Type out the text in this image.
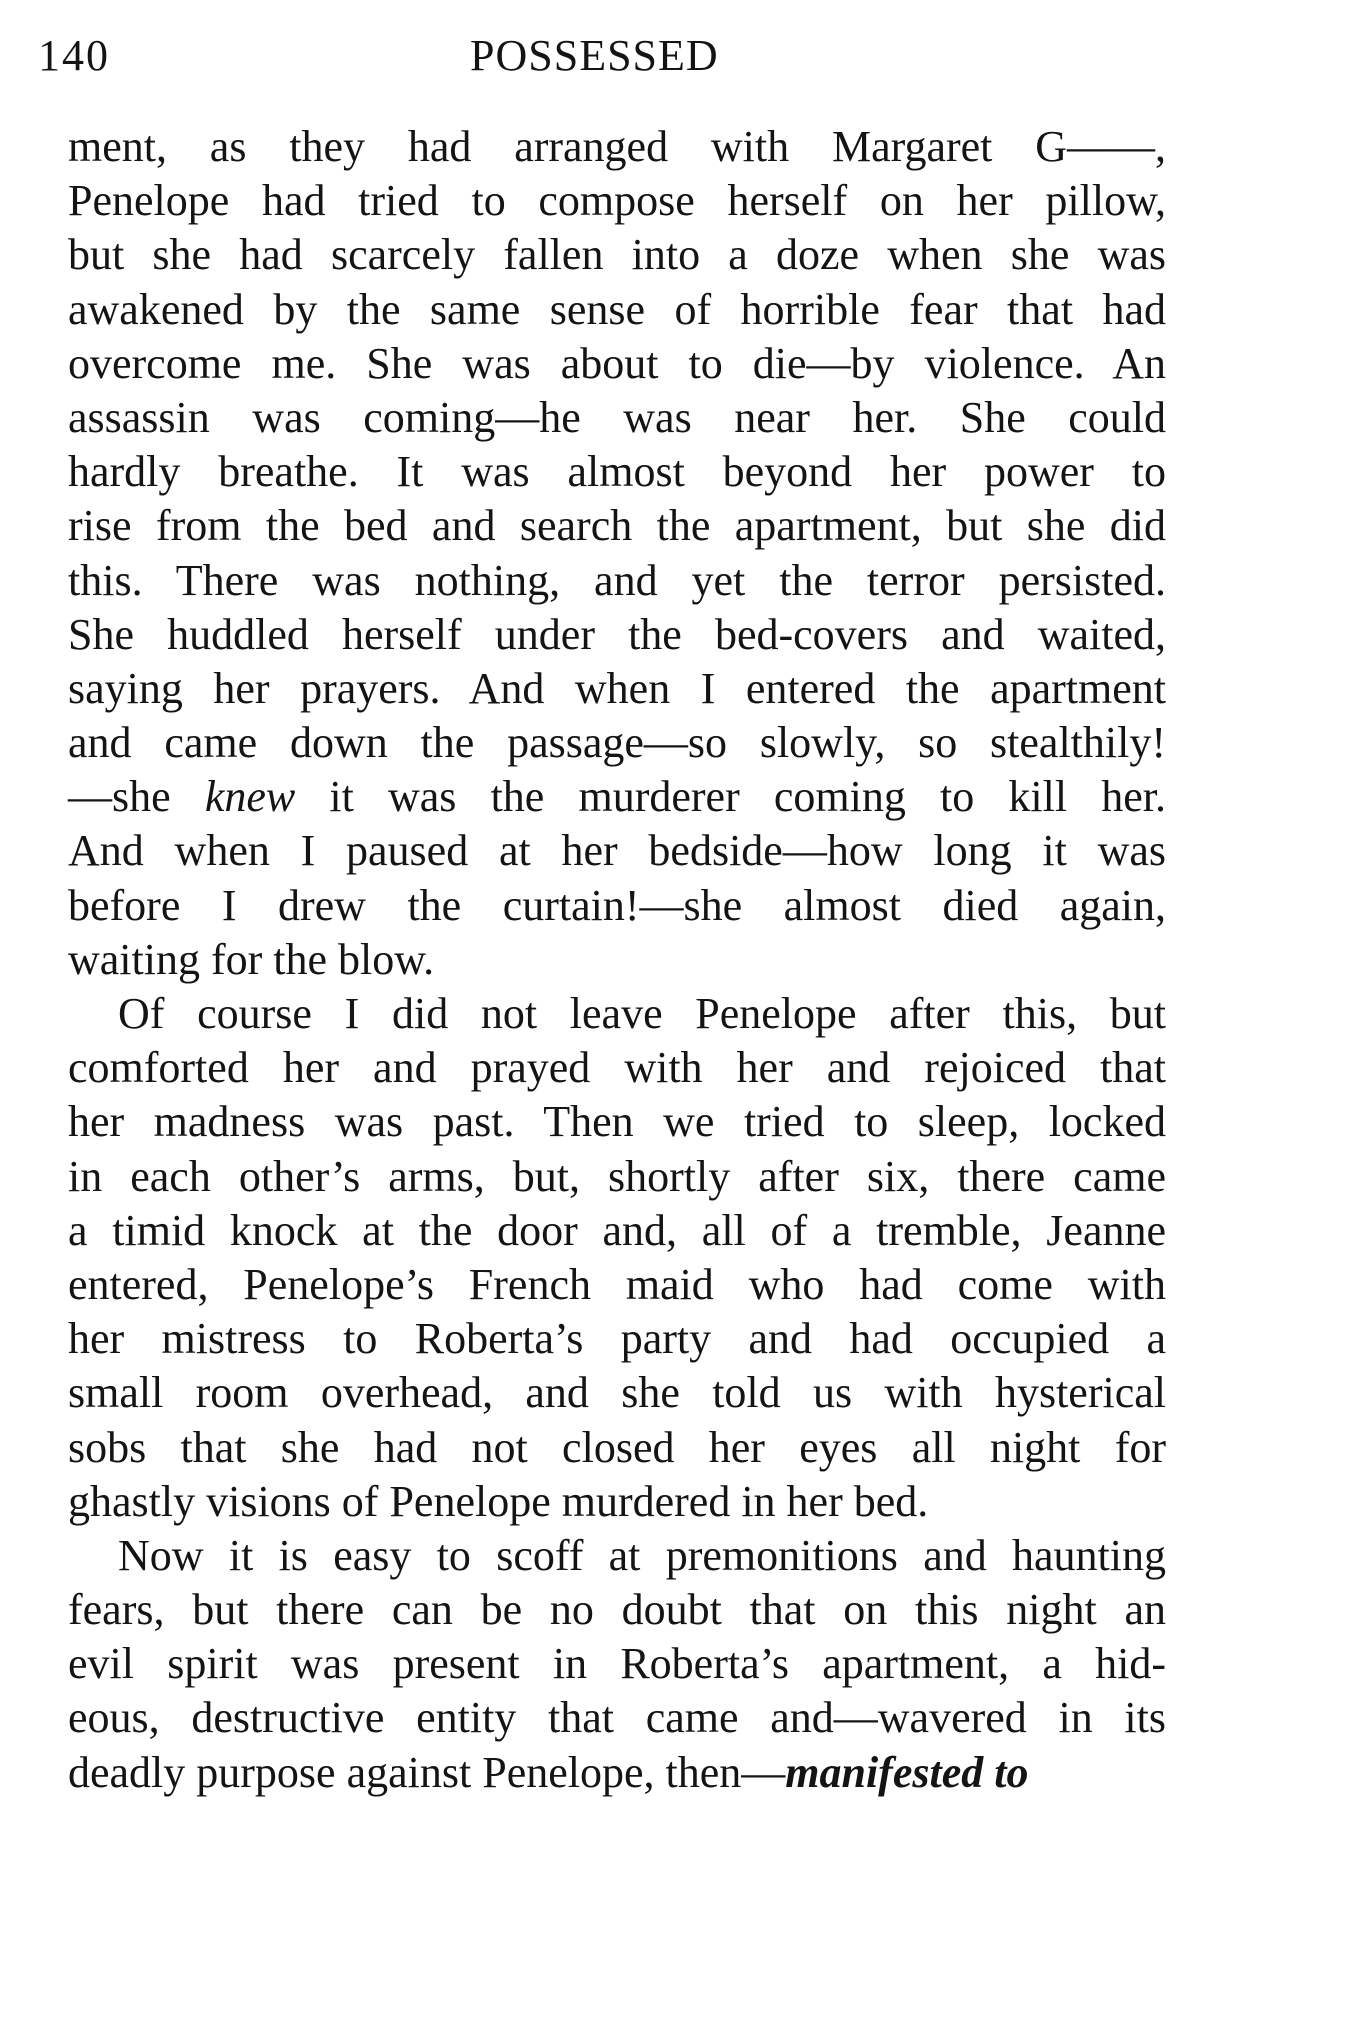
140	POSSESSED
ment, as they had arranged with Margaret G——,
Penelope had tried to compose herself on her pillow,
but she had scarcely fallen into a doze when she was
awakened by the same sense of horrible fear that had
overcome me. She was about to die—by violence. An
assassin was coming—he was near her. She could
hardly breathe. It was almost beyond her power to
rise from the bed and search the apartment, but she did
this. There was nothing, and yet the terror persisted.
She huddled herself under the bed-covers and waited,
saying her prayers. And when I entered the apartment
and came down the passage—so slowly, so stealthily!
—she knew it was the murderer coming to kill her.
And when I paused at her bedside—how long it was
before I drew the curtain!—she almost died again,
waiting for the blow.
Of course I did not leave Penelope after this, but
comforted her and prayed with her and rejoiced that
her madness was past. Then we tried to sleep, locked
in each other’s arms, but, shortly after six, there came
a timid knock at the door and, all of a tremble, Jeanne
entered, Penelope’s French maid who had come with
her mistress to Roberta’s party and had occupied a
small room overhead, and she told us with hysterical
sobs that she had not closed her eyes all night for
ghastly visions of Penelope murdered in her bed.
Now it is easy to scoff at premonitions and haunting
fears, but there can be no doubt that on this night an
evil spirit was present in Roberta’s apartment, a hid-
eous, destructive entity that came and—wavered in its
deadly purpose against Penelope, then—manifested to
